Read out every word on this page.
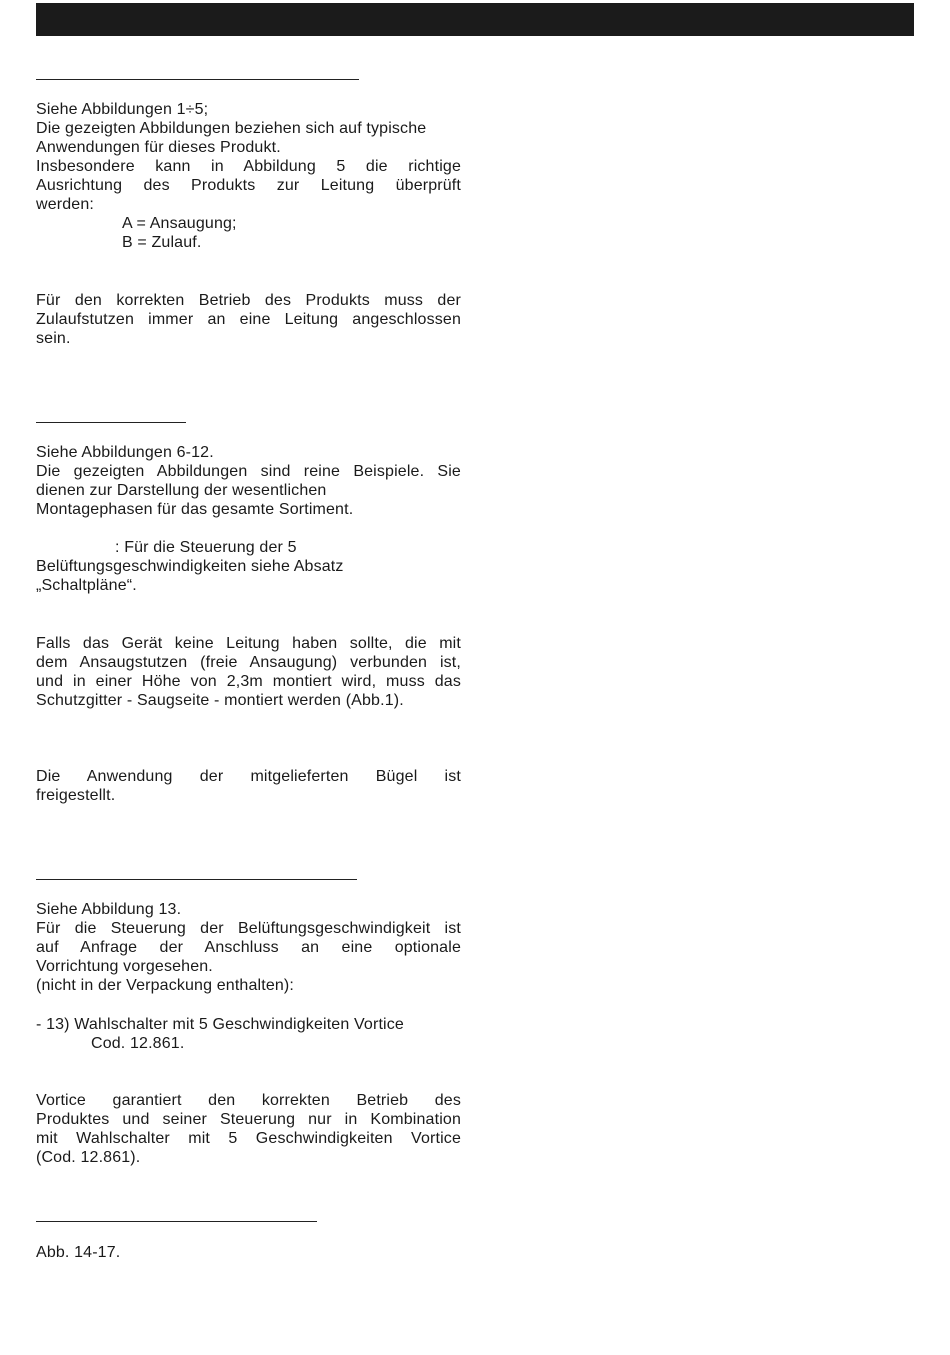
Siehe Abbildungen 1÷5;
Die gezeigten Abbildungen beziehen sich auf typische
Anwendungen für dieses Produkt.
Insbesondere kann in Abbildung 5 die richtige
Ausrichtung des Produkts zur Leitung überprüft
werden:
A = Ansaugung;
B = Zulauf.
Für den korrekten Betrieb des Produkts muss der
Zulaufstutzen immer an eine Leitung angeschlossen
sein.
Siehe Abbildungen 6-12.
Die gezeigten Abbildungen sind reine Beispiele. Sie
dienen zur Darstellung der wesentlichen
Montagephasen für das gesamte Sortiment.
: Für die Steuerung der 5
Belüftungsgeschwindigkeiten siehe Absatz
„Schaltpläne“.
Falls das Gerät keine Leitung haben sollte, die mit
dem Ansaugstutzen (freie Ansaugung) verbunden ist,
und in einer Höhe von 2,3m montiert wird, muss das
Schutzgitter - Saugseite - montiert werden (Abb.1).
Die Anwendung der mitgelieferten Bügel ist
freigestellt.
Siehe Abbildung 13.
Für die Steuerung der Belüftungsgeschwindigkeit ist
auf Anfrage der Anschluss an eine optionale
Vorrichtung vorgesehen.
(nicht in der Verpackung enthalten):
- 13) Wahlschalter mit 5 Geschwindigkeiten Vortice
Cod. 12.861.
Vortice garantiert den korrekten Betrieb des
Produktes und seiner Steuerung nur in Kombination
mit Wahlschalter mit 5 Geschwindigkeiten Vortice
(Cod. 12.861).
Abb. 14-17.
